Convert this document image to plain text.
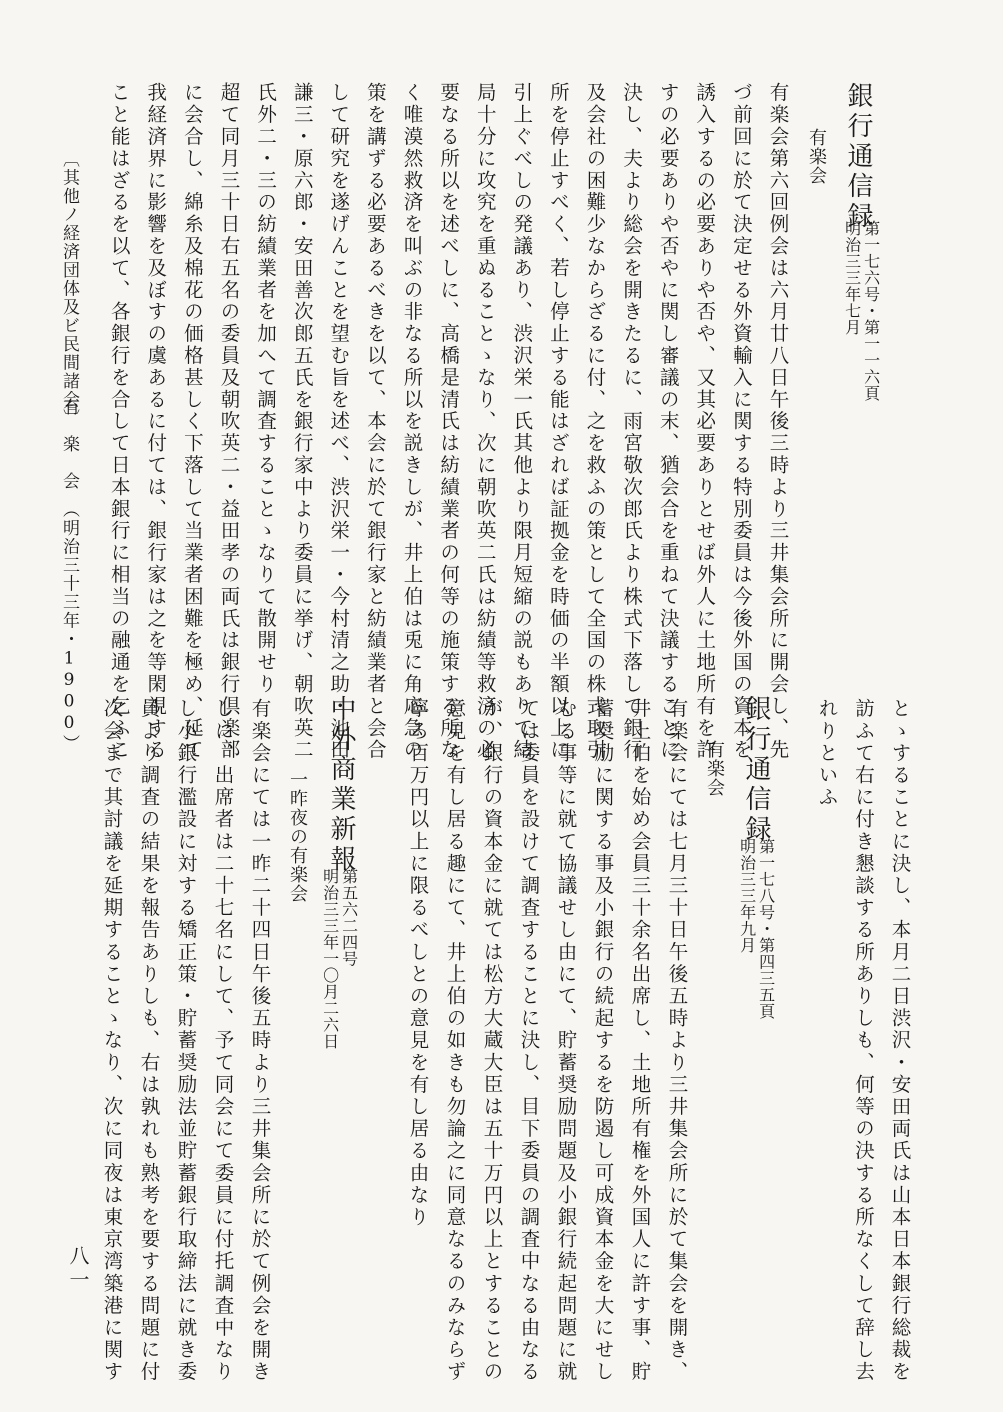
銀行通信録
第一七六号・第一一六頁
明治三三年七月
有楽会
有楽会第六回例会は六月廿八日午後三時より三井集会所に開会し、先
づ前回に於て決定せる外資輸入に関する特別委員は今後外国の資本を
誘入するの必要ありや否や、又其必要ありとせば外人に土地所有を許
すの必要ありや否やに関し審議の末、猶会合を重ねて決議することに
決し、夫より総会を開きたるに、雨宮敬次郎氏より株式下落して銀行
及会社の困難少なからざるに付、之を救ふの策として全国の株式取引
所を停止すべく、若し停止する能はざれば証拠金を時価の半額以上に
引上ぐべしの発議あり、渋沢栄一氏其他より限月短縮の説もありて結
局十分に攻究を重ぬることゝなり、次に朝吹英二氏は紡績等救済の必
要なる所以を述べしに、高橋是清氏は紡績業者の何等の施策する所な
く唯漠然救済を叫ぶの非なる所以を説きしが、井上伯は兎に角応急の
策を講ずる必要あるべきを以て、本会に於て銀行家と紡績業者と会合
して研究を遂げんことを望む旨を述べ、渋沢栄一・今村清之助・池田
謙三・原六郎・安田善次郎五氏を銀行家中より委員に挙げ、朝吹英二
氏外二・三の紡績業者を加へて調査することゝなりて散開せり
超て同月三十日右五名の委員及朝吹英二・益田孝の両氏は銀行倶楽部
に会合し、綿糸及棉花の価格甚しく下落して当業者困難を極め、延て
我経済界に影響を及ぼすの虞あるに付ては、銀行家は之を等閑視する
こと能はざるを以て、各銀行を合して日本銀行に相当の融通を乞ふこ
とゝすることに決し、本月二日渋沢・安田両氏は山本日本銀行総裁を
訪ふて右に付き懇談する所ありしも、何等の決する所なくして辞し去
れりといふ
銀行通信録
第一七八号・第四三五頁
明治三三年九月
有楽会
有楽会にては七月三十日午後五時より三井集会所に於て集会を開き、
井上伯を始め会員三十余名出席し、土地所有権を外国人に許す事、貯
蓄奨励に関する事及小銀行の続起するを防遏し可成資本金を大にせし
むる事等に就て協議せし由にて、貯蓄奨励問題及小銀行続起問題に就
ては委員を設けて調査することに決し、目下委員の調査中なる由なる
が、銀行の資本金に就ては松方大蔵大臣は五十万円以上とすることの
意見を有し居る趣にて、井上伯の如きも勿論之に同意なるのみならず
寧ろ百万円以上に限るべしとの意見を有し居る由なり
中外商業新報
第五六二四号
明治三三年一〇月二六日
一昨夜の有楽会
有楽会にては一昨二十四日午後五時より三井集会所に於て例会を開き
しに、出席者は二十七名にして、予て同会にて委員に付托調査中なり
し小銀行濫設に対する矯正策・貯蓄奨励法並貯蓄銀行取締法に就き委
員より調査の結果を報告ありしも、右は孰れも熟考を要する問題に付
次会まで其討議を延期することゝなり、次に同夜は東京湾築港に関す
〔其他ノ経済団体及ビ民間諸会〕
有　楽　会　（明治三十三年・1900）
八一
